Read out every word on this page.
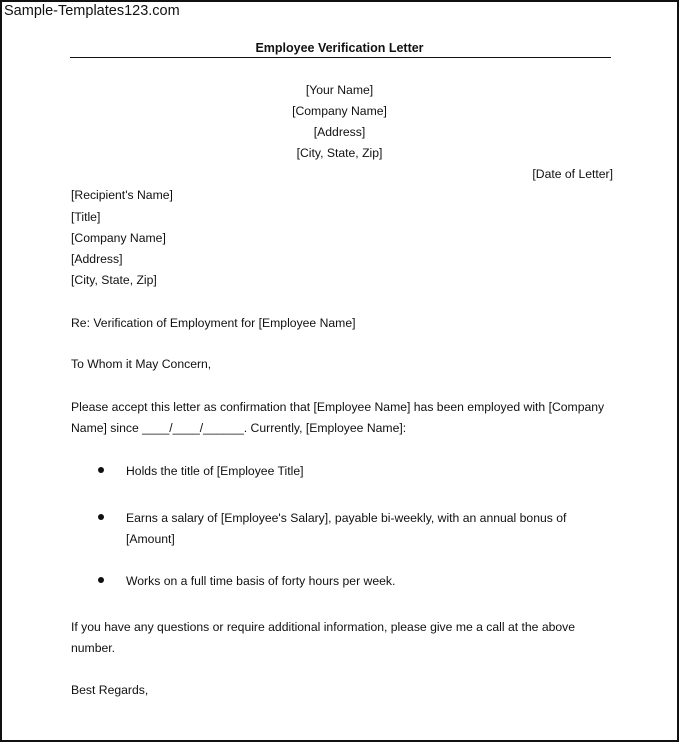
Sample-Templates123.com
Employee Verification Letter
[Your Name]
[Company Name]
[Address]
[City, State, Zip]
[Date of Letter]
[Recipient's Name]
[Title]
[Company Name]
[Address]
[City, State, Zip]
Re: Verification of Employment for [Employee Name]
To Whom it May Concern,
Please accept this letter as confirmation that [Employee Name] has been employed with [Company
Name] since ____/____/______. Currently, [Employee Name]:
Holds the title of [Employee Title]
Earns a salary of [Employee's Salary], payable bi-weekly, with an annual bonus of
[Amount]
Works on a full time basis of forty hours per week.
If you have any questions or require additional information, please give me a call at the above
number.
Best Regards,
